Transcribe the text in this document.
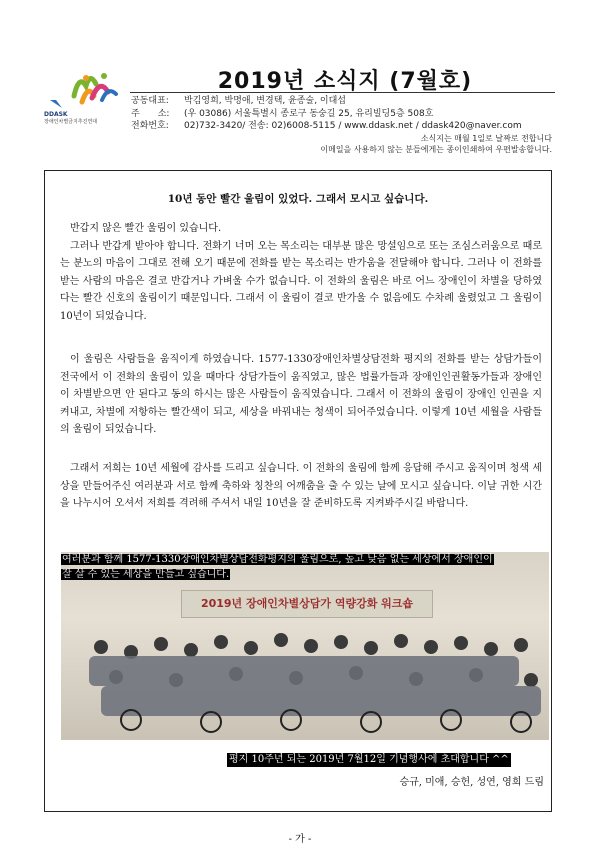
DDASK
장애인차별금지추진연대
2019년 소식지 (7월호)
공동대표: 박김영희, 박명애, 변경택, 윤종술, 이대섭
주　　소: (우 03086) 서울특별시 종로구 동숭길 25, 유리빌딩5층 508호
전화번호: 02)732-3420/ 전송: 02)6008-5115 / www.ddask.net / ddask420@naver.com
소식지는 매월 1일로 날짜로 전합니다
이메일을 사용하지 않는 분들에게는 종이인쇄하여 우편발송합니다.
10년 동안 빨간 울림이 있었다. 그래서 모시고 싶습니다.

반갑지 않은 빨간 울림이 있습니다.

그러나 반갑게 받아야 합니다. 전화기 너머 오는 목소리는 대부분 많은 망설임으로 또는 조심스러움으로 때로는 분노의 마음이 그대로 전해 오기 때문에 전화를 받는 목소리는 반가움을 전달해야 합니다. 그러나 이 전화를 받는 사람의 마음은 결코 반갑거나 가벼울 수가 없습니다. 이 전화의 울림은 바로 어느 장애인이 차별을 당하였다는 빨간 신호의 울림이기 때문입니다. 그래서 이 울림이 결코 반가울 수 없음에도 수차례 울렸었고 그 울림이 10년이 되었습니다.

이 울림은 사람들을 움직이게 하였습니다. 1577-1330장애인차별상담전화 평지의 전화를 받는 상담가들이 전국에서 이 전화의 울림이 있을 때마다 상담가들이 움직였고, 많은 법률가들과 장애인인권활동가들과 장애인이 차별받으면 안 된다고 동의 하시는 많은 사람들이 움직였습니다. 그래서 이 전화의 울림이 장애인 인권을 지켜내고, 차별에 저항하는 빨간색이 되고, 세상을 바꿔내는 청색이 되어주었습니다. 이렇게 10년 세월을 사람들의 울림이 되었습니다.

그래서 저희는 10년 세월에 감사를 드리고 싶습니다. 이 전화의 울림에 함께 응답해 주시고 움직이며 청색 세상을 만들어주신 여러분과 서로 함께 축하와 칭찬의 어깨춤을 출 수 있는 날에 모시고 싶습니다. 이날 귀한 시간을 나누시어 오셔서 저희를 격려해 주셔서 내일 10년을 잘 준비하도록 지켜봐주시길 바랍니다.

2019년 장애인차별상담가 역량강화 워크숍
여러분과 함께 1577-1330장애인차별상담전화평지의 울림으로, 높고 낮음 없는 세상에서 장애인이
잘 살 수 있는 세상을 만들고 싶습니다.
평지 10주년 되는 2019년 7월12일 기념행사에 초대합니다 ^^
승규, 미애, 승헌, 성연, 영희 드림
- 가 -
